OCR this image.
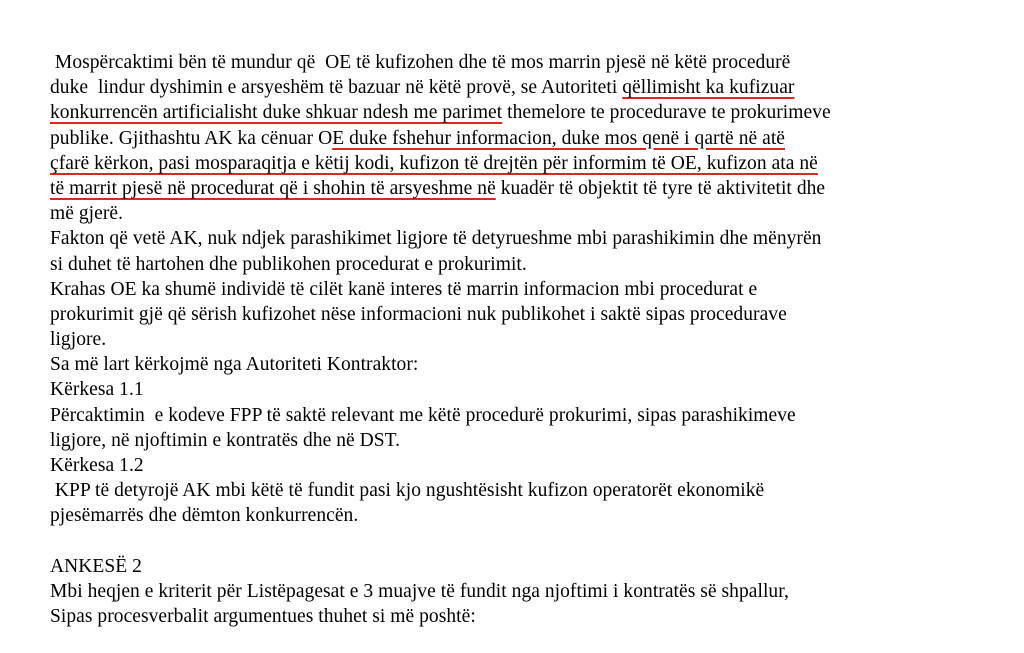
Mospërcaktimi bën të mundur që  OE të kufizohen dhe të mos marrin pjesë në këtë procedurë
duke  lindur dyshimin e arsyeshëm të bazuar në këtë provë, se Autoriteti qëllimisht ka kufizuar
konkurrencën artificialisht duke shkuar ndesh me parimet themelore te procedurave te prokurimeve
publike. Gjithashtu AK ka cënuar OE duke fshehur informacion, duke mos qenë i qartë në atë
çfarë kërkon, pasi mosparaqitja e këtij kodi, kufizon të drejtën për informim të OE, kufizon ata në
të marrit pjesë në procedurat që i shohin të arsyeshme në kuadër të objektit të tyre të aktivitetit dhe
më gjerë.
Fakton që vetë AK, nuk ndjek parashikimet ligjore të detyrueshme mbi parashikimin dhe mënyrën
si duhet të hartohen dhe publikohen procedurat e prokurimit.
Krahas OE ka shumë individë të cilët kanë interes të marrin informacion mbi procedurat e
prokurimit gjë që sërish kufizohet nëse informacioni nuk publikohet i saktë sipas procedurave
ligjore.
Sa më lart kërkojmë nga Autoriteti Kontraktor:
Kërkesa 1.1
Përcaktimin  e kodeve FPP të saktë relevant me këtë procedurë prokurimi, sipas parashikimeve
ligjore, në njoftimin e kontratës dhe në DST.
Kërkesa 1.2
KPP të detyrojë AK mbi këtë të fundit pasi kjo ngushtësisht kufizon operatorët ekonomikë
pjesëmarrës dhe dëmton konkurrencën.
ANKESË 2
Mbi heqjen e kriterit për Listëpagesat e 3 muajve të fundit nga njoftimi i kontratës së shpallur,
Sipas procesverbalit argumentues thuhet si më poshtë:
